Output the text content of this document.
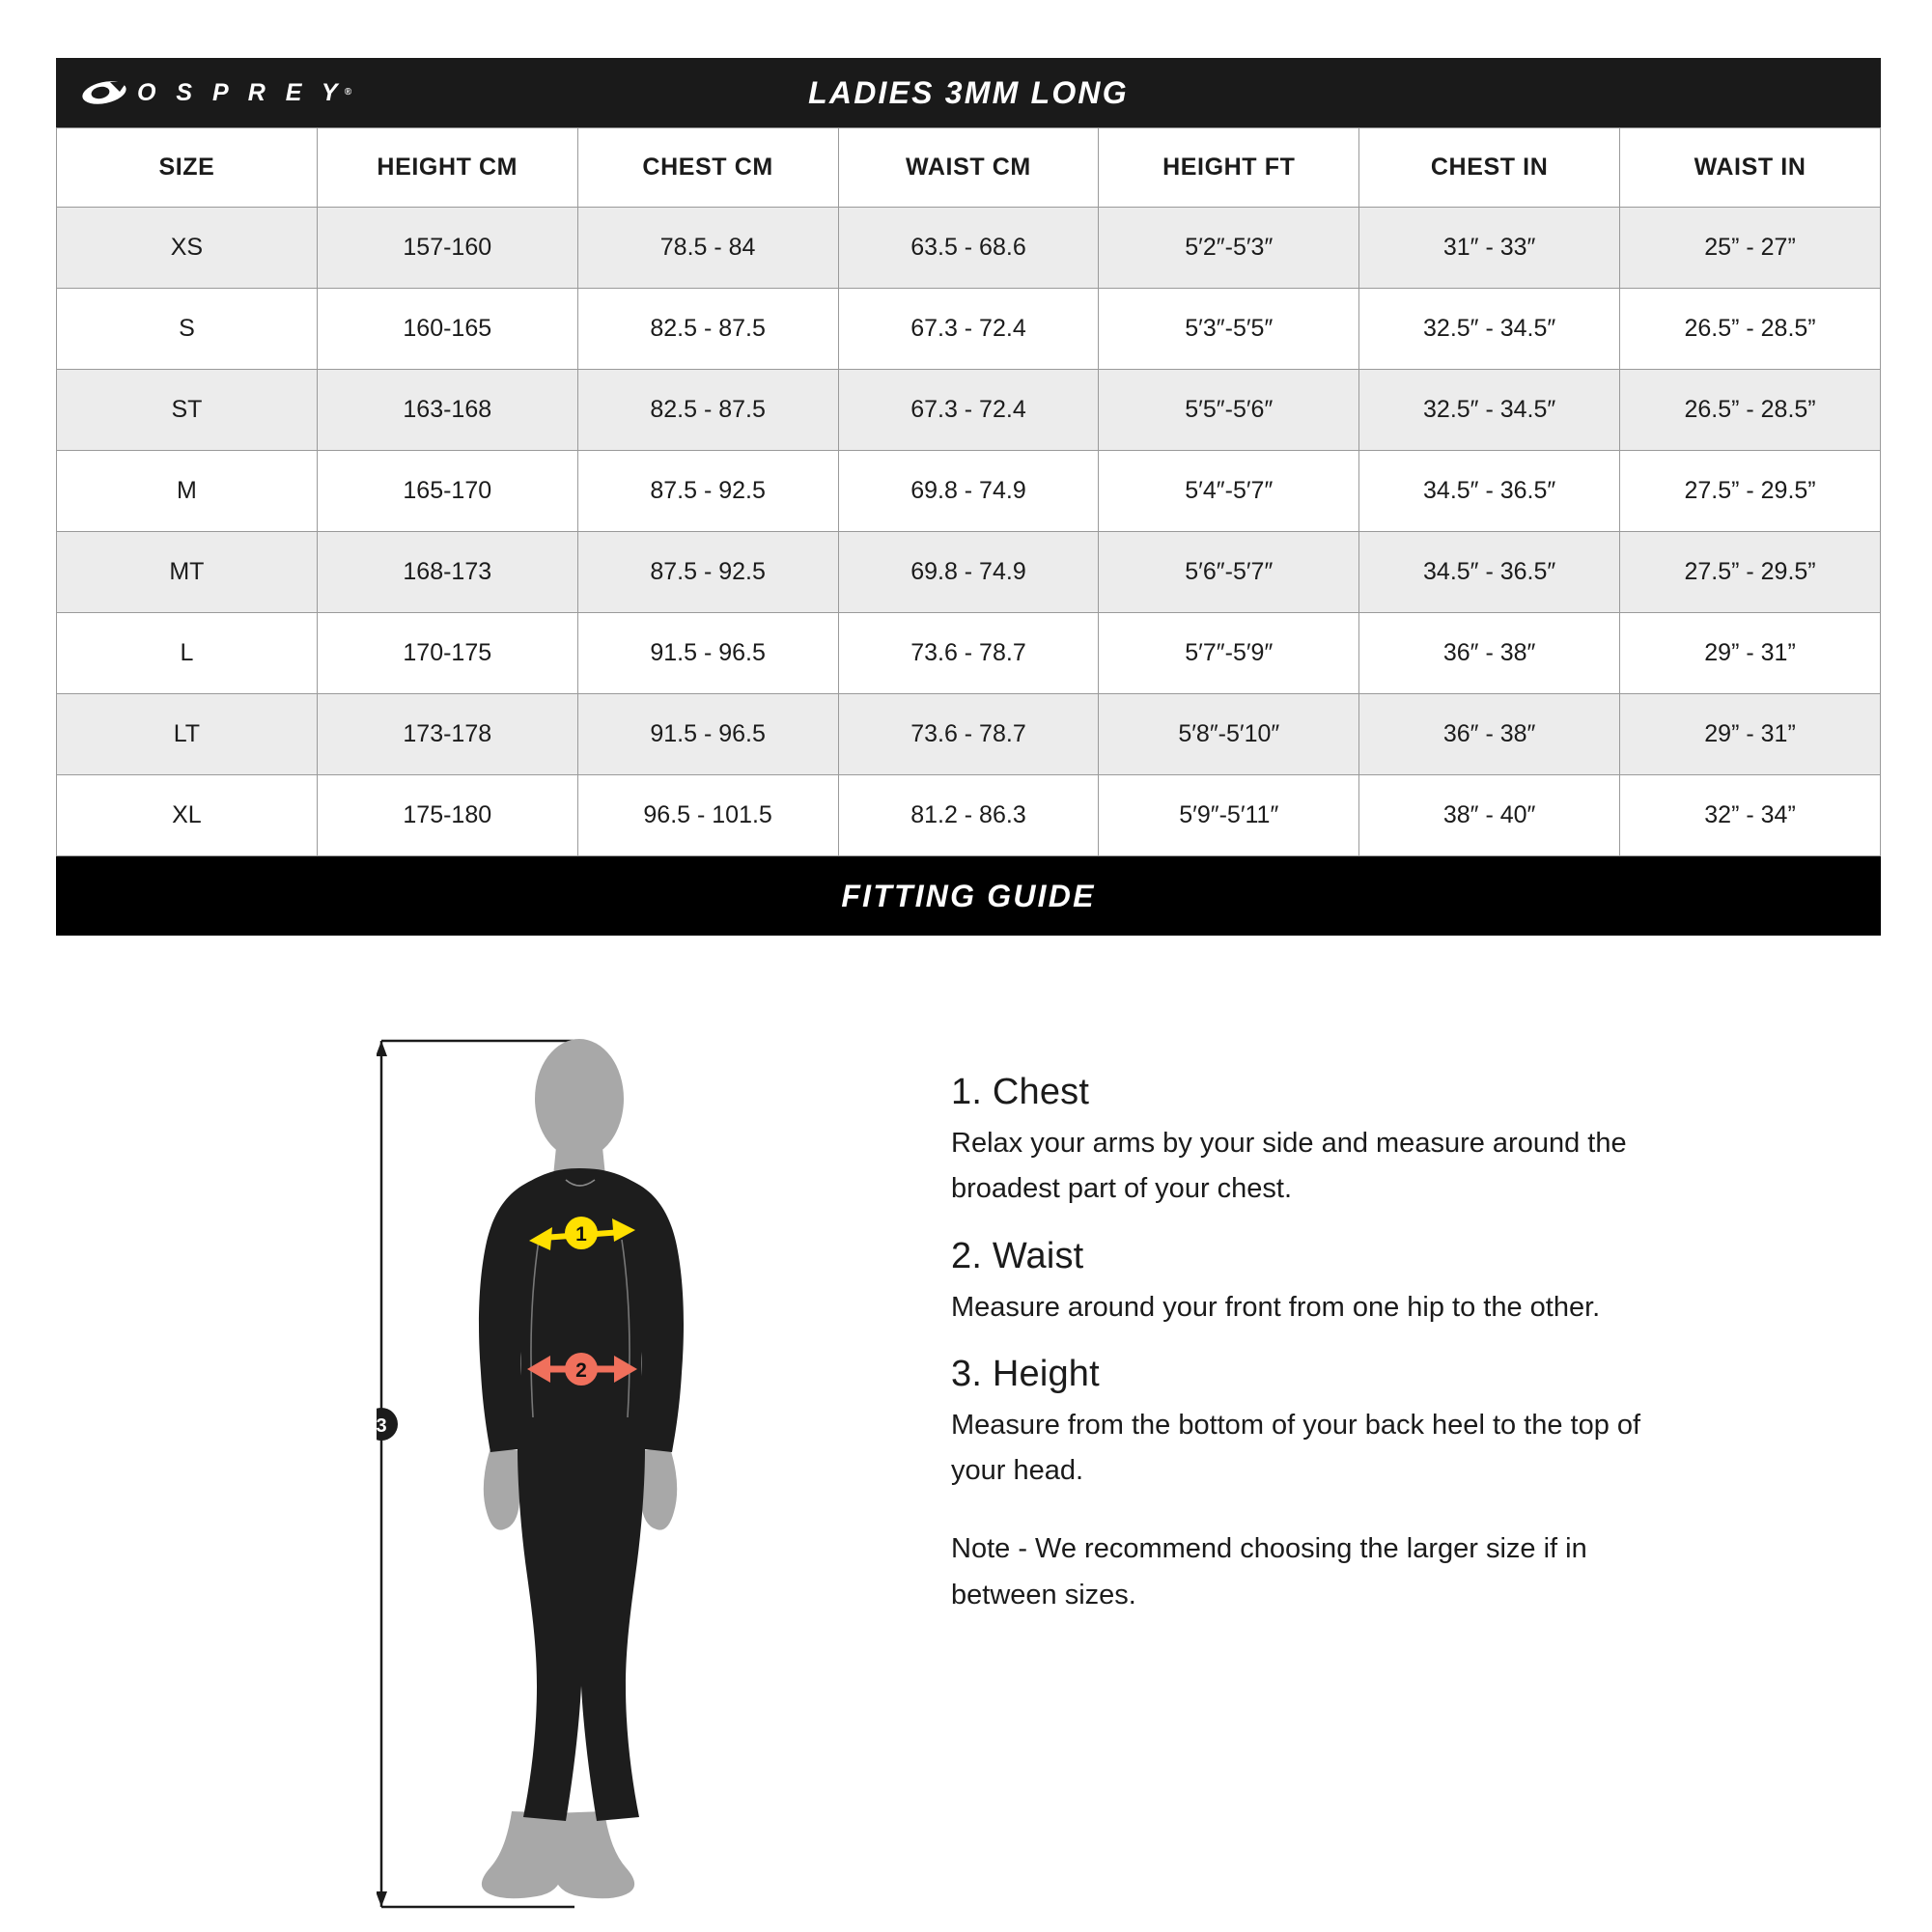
O S P R E Y®	LADIES 3MM LONG
SIZE	HEIGHT CM	CHEST CM	WAIST CM	HEIGHT FT	CHEST IN	WAIST IN
XS	157-160	78.5 - 84	63.5 - 68.6	5′2″-5′3″	31″ - 33″	25” - 27”
S	160-165	82.5 - 87.5	67.3 - 72.4	5′3″-5′5″	32.5″ - 34.5″	26.5” - 28.5”
ST	163-168	82.5 - 87.5	67.3 - 72.4	5′5″-5′6″	32.5″ - 34.5″	26.5” - 28.5”
M	165-170	87.5 - 92.5	69.8 - 74.9	5′4″-5′7″	34.5″ - 36.5″	27.5” - 29.5”
MT	168-173	87.5 - 92.5	69.8 - 74.9	5′6″-5′7″	34.5″ - 36.5″	27.5” - 29.5”
L	170-175	91.5 - 96.5	73.6 - 78.7	5′7″-5′9″	36″ - 38″	29” - 31”
LT	173-178	91.5 - 96.5	73.6 - 78.7	5′8″-5′10″	36″ - 38″	29” - 31”
XL	175-180	96.5 - 101.5	81.2 - 86.3	5′9″-5′11″	38″ - 40″	32” - 34”
FITTING GUIDE
1
2
3
1. Chest
Relax your arms by your side and measure around the broadest part of your chest.
2. Waist
Measure around your front from one hip to the other.
3. Height
Measure from the bottom of your back heel to the top of your head.
Note - We recommend choosing the larger size if in between sizes.
